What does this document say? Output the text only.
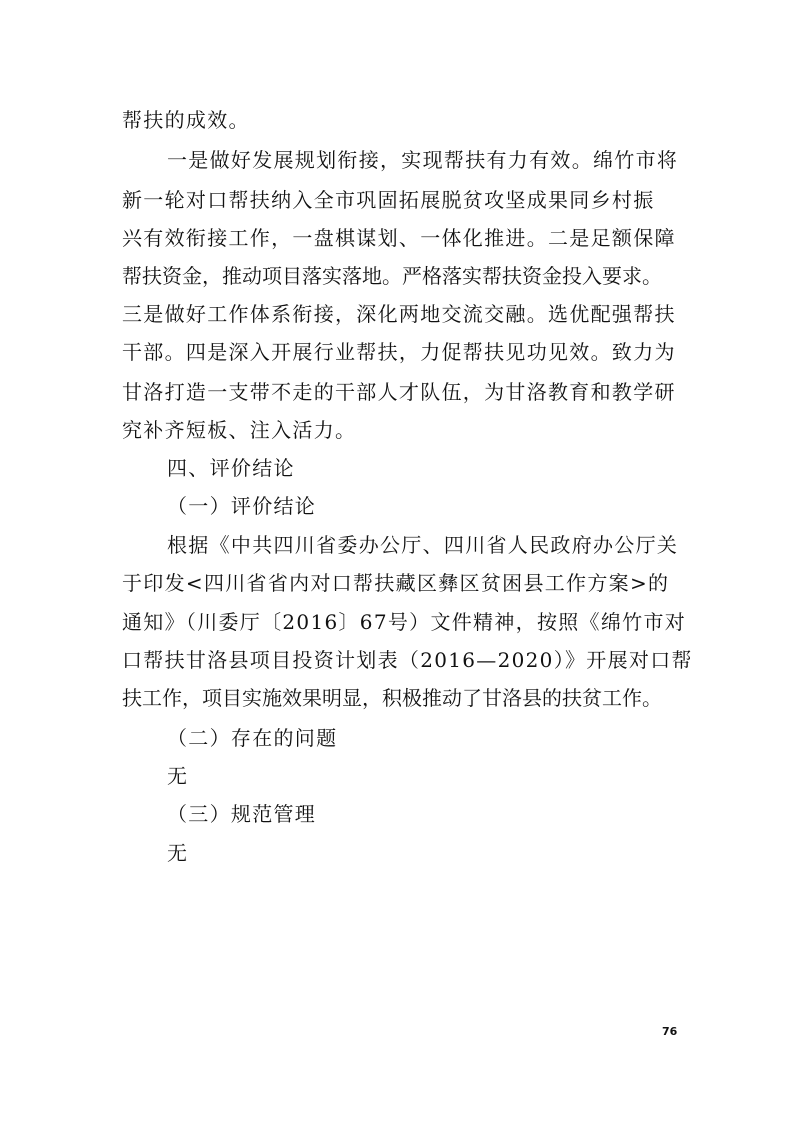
帮扶的成效。
一是做好发展规划衔接，实现帮扶有力有效。绵竹市将
新一轮对口帮扶纳入全市巩固拓展脱贫攻坚成果同乡村振
兴有效衔接工作，一盘棋谋划、一体化推进。二是足额保障
帮扶资金，推动项目落实落地。严格落实帮扶资金投入要求。
三是做好工作体系衔接，深化两地交流交融。选优配强帮扶
干部。四是深入开展行业帮扶，力促帮扶见功见效。致力为
甘洛打造一支带不走的干部人才队伍，为甘洛教育和教学研
究补齐短板、注入活力。
四、评价结论
（一）评价结论
根据《中共四川省委办公厅、四川省人民政府办公厅关
于印发<四川省省内对口帮扶藏区彝区贫困县工作方案>的
通知》（川委厅〔2016〕67号）文件精神，按照《绵竹市对
口帮扶甘洛县项目投资计划表（2016—2020）》开展对口帮
扶工作，项目实施效果明显，积极推动了甘洛县的扶贫工作。
（二）存在的问题
无
（三）规范管理
无
76
